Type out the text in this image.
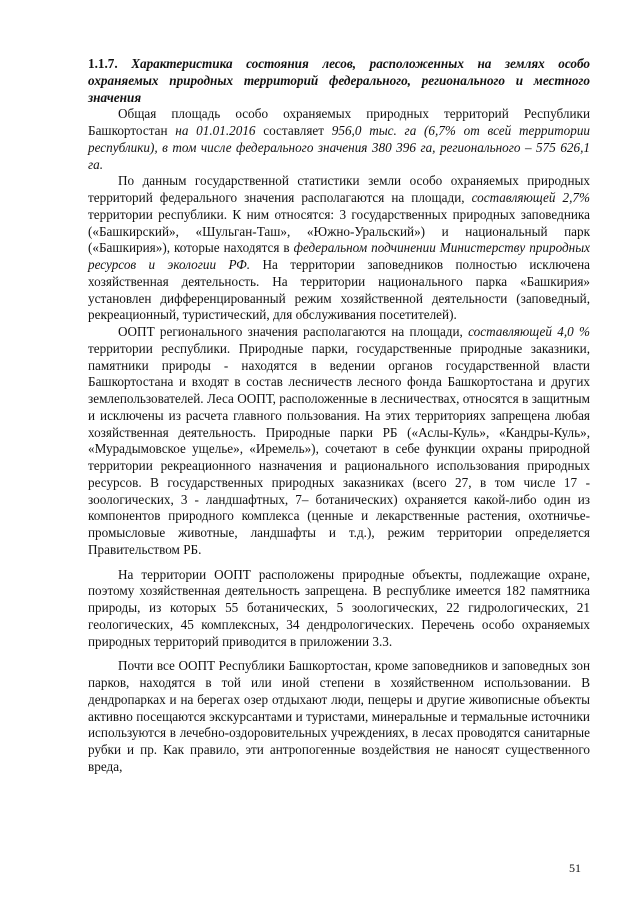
1.1.7. Характеристика состояния лесов, расположенных на землях особо охраняемых природных территорий федерального, регионального и местного значения

Общая площадь особо охраняемых природных территорий Республики Башкортостан на 01.01.2016 составляет 956,0 тыс. га (6,7% от всей территории республики), в том числе федерального значения 380 396 га, регионального – 575 626,1 га.

По данным государственной статистики земли особо охраняемых природных территорий федерального значения располагаются на площади, составляющей 2,7% территории республики. К ним относятся: 3 государственных природных заповедника («Башкирский», «Шульган-Таш», «Южно-Уральский») и национальный парк («Башкирия»), которые находятся в федеральном подчинении Министерству природных ресурсов и экологии РФ. На территории заповедников полностью исключена хозяйственная деятельность. На территории национального парка «Башкирия» установлен дифференцированный режим хозяйственной деятельности (заповедный, рекреационный, туристический, для обслуживания посетителей).

ООПТ регионального значения располагаются на площади, составляющей 4,0 % территории республики. Природные парки, государственные природные заказники, памятники природы - находятся в ведении органов государственной власти Башкортостана и входят в состав лесничеств лесного фонда Башкортостана и других землепользователей. Леса ООПТ, расположенные в лесничествах, относятся в защитным и исключены из расчета главного пользования. На этих территориях запрещена любая хозяйственная деятельность. Природные парки РБ («Аслы-Куль», «Кандры-Куль», «Мурадымовское ущелье», «Иремель»), сочетают в себе функции охраны природной территории рекреационного назначения и рационального использования природных ресурсов. В государственных природных заказниках (всего 27, в том числе 17 - зоологических, 3 - ландшафтных, 7– ботанических) охраняется какой-либо один из компонентов природного комплекса (ценные и лекарственные растения, охотничье-промысловые животные, ландшафты и т.д.), режим территории определяется Правительством РБ.

На территории ООПТ расположены природные объекты, подлежащие охране, поэтому хозяйственная деятельность запрещена. В республике имеется 182 памятника природы, из которых 55 ботанических, 5 зоологических, 22 гидрологических, 21 геологических, 45 комплексных, 34 дендрологических. Перечень особо охраняемых природных территорий приводится в приложении 3.3.

Почти все ООПТ Республики Башкортостан, кроме заповедников и заповедных зон парков, находятся в той или иной степени в хозяйственном использовании. В дендропарках и на берегах озер отдыхают люди, пещеры и другие живописные объекты активно посещаются экскурсантами и туристами, минеральные и термальные источники используются в лечебно-оздоровительных учреждениях, в лесах проводятся санитарные рубки и пр. Как правило, эти антропогенные воздействия не наносят существенного вреда,

51
